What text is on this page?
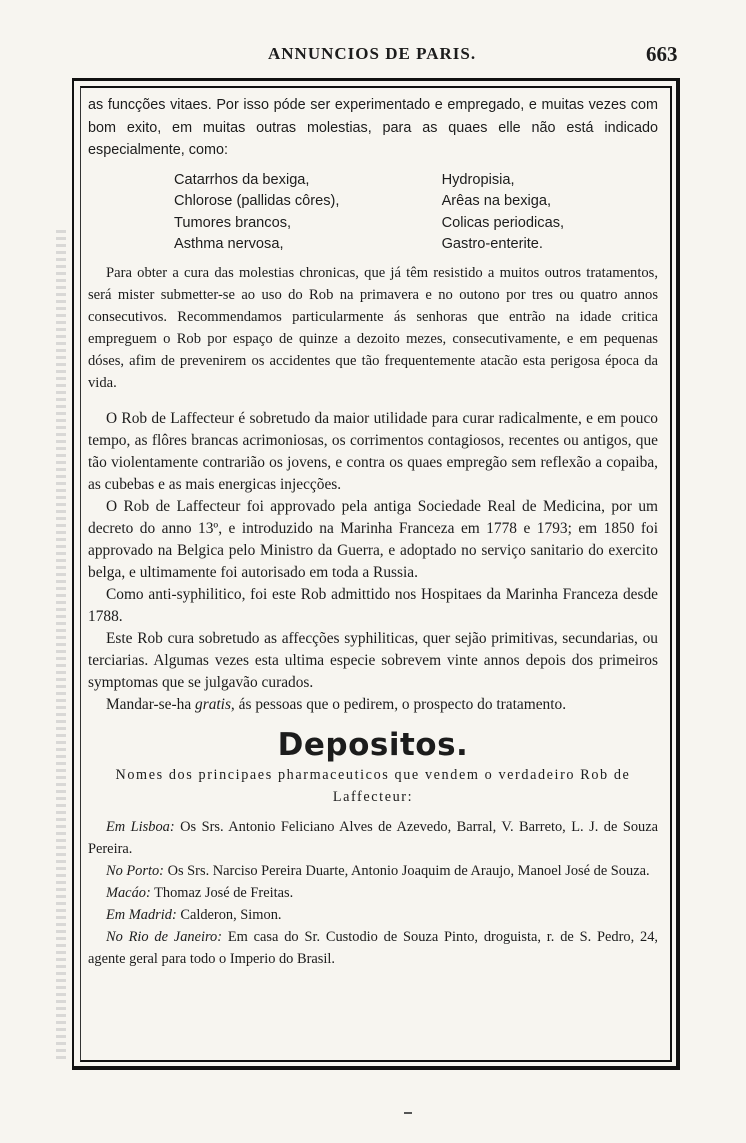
ANNUNCIOS DE PARIS.	663

as funcções vitaes. Por isso póde ser experimentado e empregado, e muitas vezes com bom exito, em muitas outras molestias, para as quaes elle não está indicado especialmente, como:

Catarrhos da bexiga,	Hydropisia,
Chlorose (pallidas côres),	Arêas na bexiga,
Tumores brancos,	Colicas periodicas,
Asthma nervosa,	Gastro-enterite.

Para obter a cura das molestias chronicas, que já têm resistido a muitos outros tratamentos, será mister submetter-se ao uso do Rob na primavera e no outono por tres ou quatro annos consecutivos. Recommendamos particularmente ás senhoras que entrão na idade critica empreguem o Rob por espaço de quinze a dezoito mezes, consecutivamente, e em pequenas dóses, afim de prevenirem os accidentes que tão frequentemente atacão esta perigosa época da vida.

O Rob de Laffecteur é sobretudo da maior utilidade para curar radicalmente, e em pouco tempo, as flôres brancas acrimoniosas, os corrimentos contagiosos, recentes ou antigos, que tão violentamente contrarião os jovens, e contra os quaes empregão sem reflexão a copaiba, as cubebas e as mais energicas injecções.

O Rob de Laffecteur foi approvado pela antiga Sociedade Real de Medicina, por um decreto do anno 13º, e introduzido na Marinha Franceza em 1778 e 1793; em 1850 foi approvado na Belgica pelo Ministro da Guerra, e adoptado no serviço sanitario do exercito belga, e ultimamente foi autorisado em toda a Russia.

Como anti-syphilitico, foi este Rob admittido nos Hospitaes da Marinha Franceza desde 1788.

Este Rob cura sobretudo as affecções syphiliticas, quer sejão primitivas, secundarias, ou terciarias. Algumas vezes esta ultima especie sobrevem vinte annos depois dos primeiros symptomas que se julgavão curados.

Mandar-se-ha gratis, ás pessoas que o pedirem, o prospecto do tratamento.

Depositos.
Nomes dos principaes pharmaceuticos que vendem o verdadeiro Rob de Laffecteur:

Em Lisboa: Os Srs. Antonio Feliciano Alves de Azevedo, Barral, V. Barreto, L. J. de Souza Pereira.

No Porto: Os Srs. Narciso Pereira Duarte, Antonio Joaquim de Araujo, Manoel José de Souza.

Macáo: Thomaz José de Freitas.

Em Madrid: Calderon, Simon.

No Rio de Janeiro: Em casa do Sr. Custodio de Souza Pinto, droguista, r. de S. Pedro, 24, agente geral para todo o Imperio do Brasil.
